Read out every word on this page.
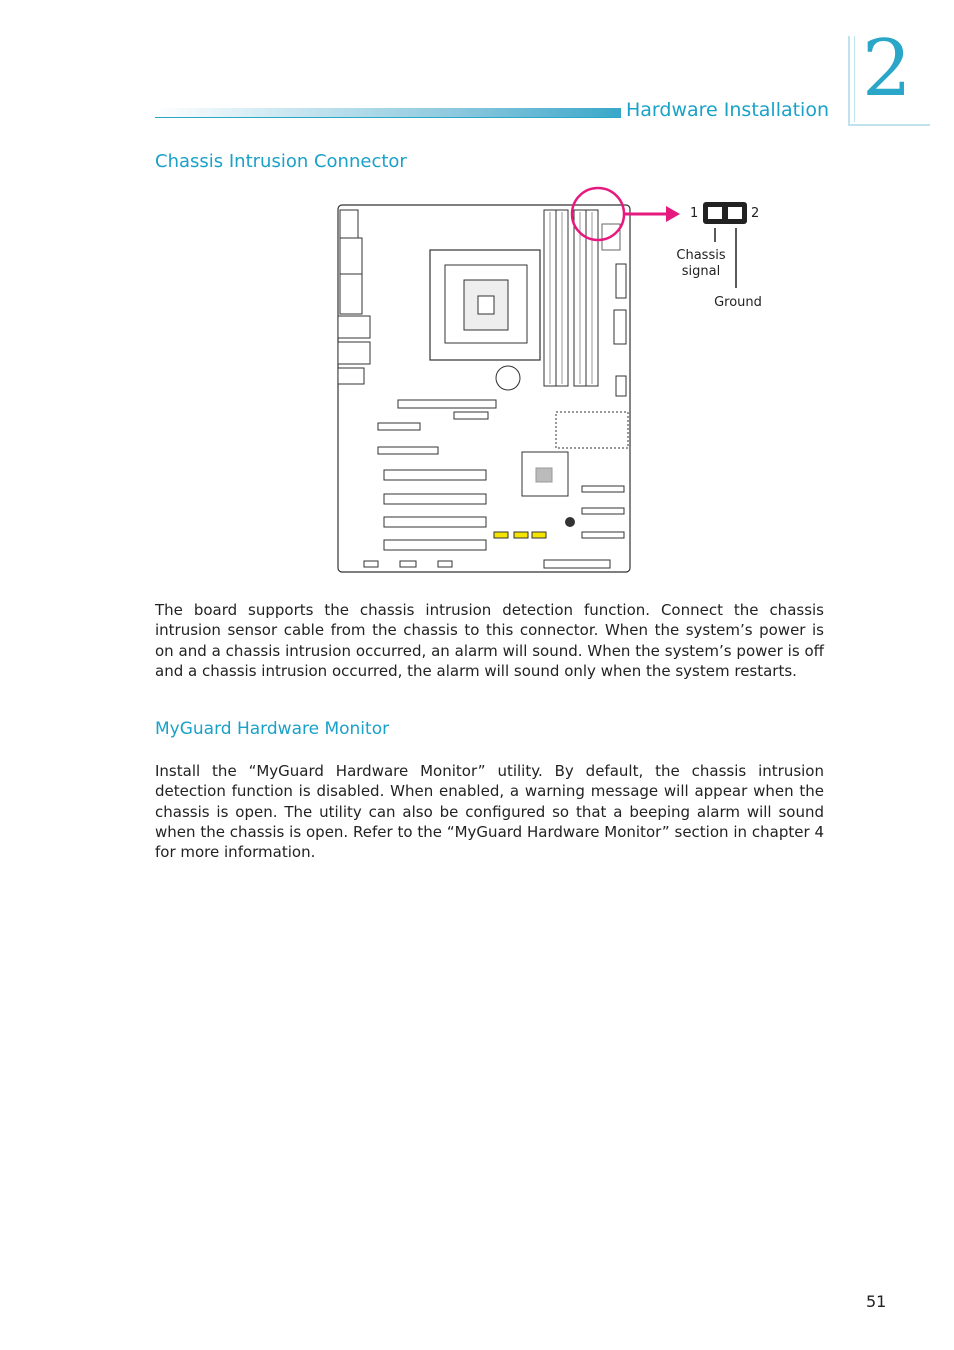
Hardware Installation 2
Chassis Intrusion Connector
1	2
Chassis
signal
Ground

The board supports the chassis intrusion detection function. Connect the chassis intrusion sensor cable from the chassis to this connector. When the system’s power is on and a chassis intrusion occurred, an alarm will sound. When the system’s power is off and a chassis intrusion occurred, the alarm will sound only when the system restarts.

MyGuard Hardware Monitor

Install the “MyGuard Hardware Monitor” utility. By default, the chassis intrusion detection function is disabled. When enabled, a warning message will appear when the chassis is open. The utility can also be configured so that a beeping alarm will sound when the chassis is open. Refer to the “MyGuard Hardware Monitor” section in chapter 4 for more information.

51
